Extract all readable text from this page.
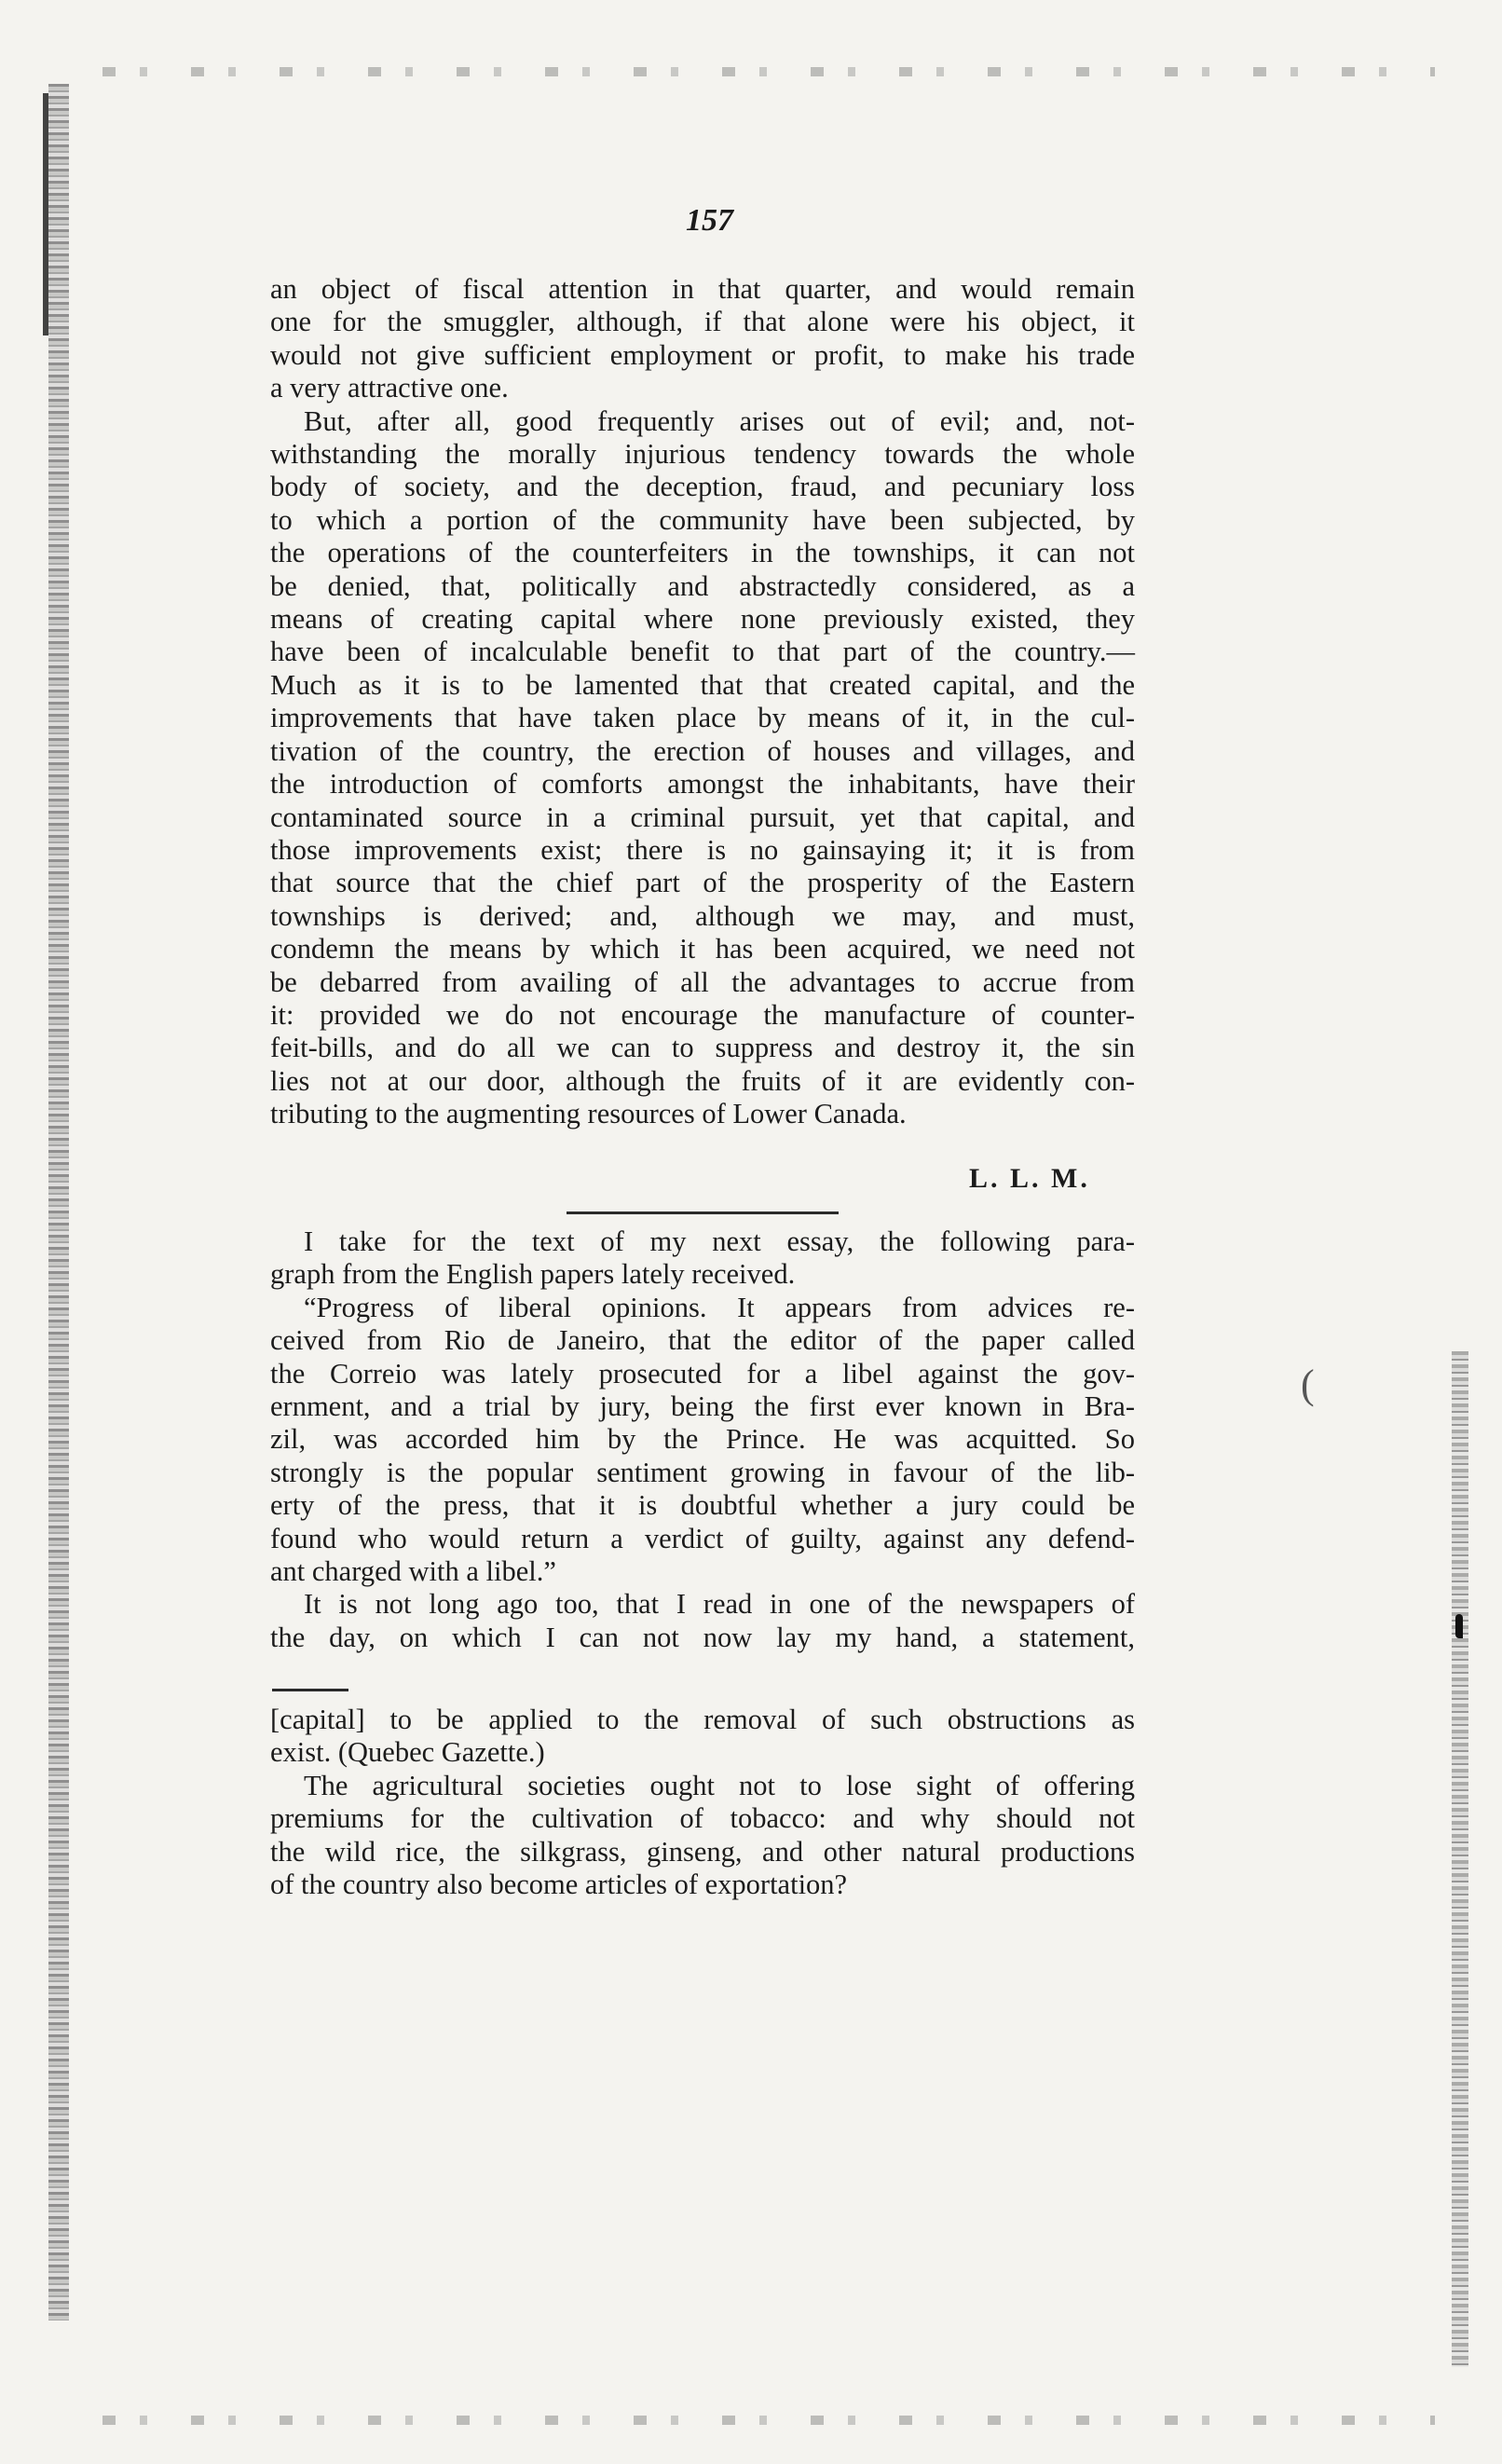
157
an object of fiscal attention in that quarter, and would remain
one for the smuggler, although, if that alone were his object, it
would not give sufficient employment or profit, to make his trade
a very attractive one.
But, after all, good frequently arises out of evil; and, not-
withstanding the morally injurious tendency towards the whole
body of society, and the deception, fraud, and pecuniary loss
to which a portion of the community have been subjected, by
the operations of the counterfeiters in the townships, it can not
be denied, that, politically and abstractedly considered, as a
means of creating capital where none previously existed, they
have been of incalculable benefit to that part of the country.—
Much as it is to be lamented that that created capital, and the
improvements that have taken place by means of it, in the cul-
tivation of the country, the erection of houses and villages, and
the introduction of comforts amongst the inhabitants, have their
contaminated source in a criminal pursuit, yet that capital, and
those improvements exist; there is no gainsaying it; it is from
that source that the chief part of the prosperity of the Eastern
townships is derived; and, although we may, and must,
condemn the means by which it has been acquired, we need not
be debarred from availing of all the advantages to accrue from
it: provided we do not encourage the manufacture of counter-
feit-bills, and do all we can to suppress and destroy it, the sin
lies not at our door, although the fruits of it are evidently con-
tributing to the augmenting resources of Lower Canada.
L. L. M.
I take for the text of my next essay, the following para-
graph from the English papers lately received.
“Progress of liberal opinions. It appears from advices re-
ceived from Rio de Janeiro, that the editor of the paper called
the Correio was lately prosecuted for a libel against the gov-
ernment, and a trial by jury, being the first ever known in Bra-
zil, was accorded him by the Prince. He was acquitted. So
strongly is the popular sentiment growing in favour of the lib-
erty of the press, that it is doubtful whether a jury could be
found who would return a verdict of guilty, against any defend-
ant charged with a libel.”
It is not long ago too, that I read in one of the newspapers of
the day, on which I can not now lay my hand, a statement,
[capital] to be applied to the removal of such obstructions as
exist. (Quebec Gazette.)
The agricultural societies ought not to lose sight of offering
premiums for the cultivation of tobacco: and why should not
the wild rice, the silkgrass, ginseng, and other natural productions
of the country also become articles of exportation?
(
